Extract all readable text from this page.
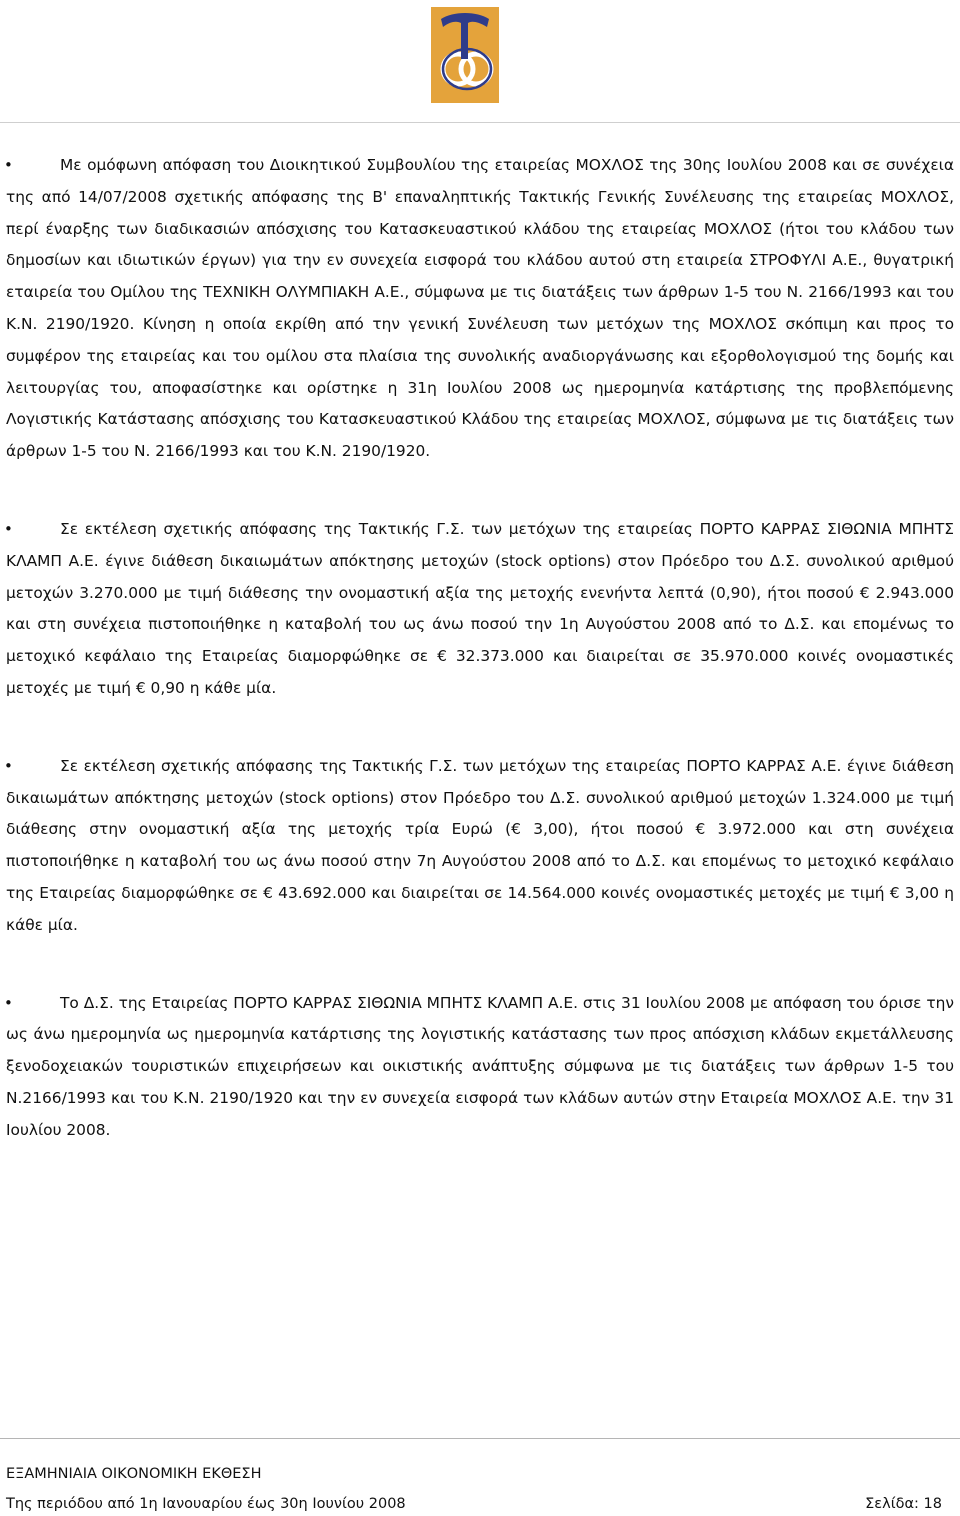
•	Με ομόφωνη απόφαση του Διοικητικού Συμβουλίου της εταιρείας ΜΟΧΛΟΣ της 30ης Ιουλίου 2008 και σε συνέχεια της από 14/07/2008 σχετικής απόφασης της Β' επαναληπτικής Τακτικής Γενικής Συνέλευσης της εταιρείας ΜΟΧΛΟΣ, περί έναρξης των διαδικασιών απόσχισης του Κατασκευαστικού κλάδου της εταιρείας ΜΟΧΛΟΣ (ήτοι του κλάδου των δημοσίων και ιδιωτικών έργων) για την εν συνεχεία εισφορά του κλάδου αυτού στη εταιρεία ΣΤΡΟΦΥΛΙ Α.Ε., θυγατρική εταιρεία του Ομίλου της ΤΕΧΝΙΚΗ ΟΛΥΜΠΙΑΚΗ Α.Ε., σύμφωνα με τις διατάξεις των άρθρων 1-5 του Ν. 2166/1993 και του Κ.Ν. 2190/1920. Κίνηση η οποία εκρίθη από την γενική Συνέλευση των μετόχων της ΜΟΧΛΟΣ σκόπιμη και προς το συμφέρον της εταιρείας και του ομίλου στα πλαίσια της συνολικής αναδιοργάνωσης και εξορθολογισμού της δομής και λειτουργίας του, αποφασίστηκε και ορίστηκε η 31η Ιουλίου 2008 ως ημερομηνία κατάρτισης της προβλεπόμενης Λογιστικής Κατάστασης απόσχισης του Κατασκευαστικού Κλάδου της εταιρείας ΜΟΧΛΟΣ, σύμφωνα με τις διατάξεις των άρθρων 1-5 του Ν. 2166/1993 και του Κ.Ν. 2190/1920.

•	Σε εκτέλεση σχετικής απόφασης της Τακτικής Γ.Σ. των μετόχων της εταιρείας ΠΟΡΤΟ ΚΑΡΡΑΣ ΣΙΘΩΝΙΑ ΜΠΗΤΣ ΚΛΑΜΠ Α.Ε. έγινε διάθεση δικαιωμάτων απόκτησης μετοχών (stock options) στον Πρόεδρο του Δ.Σ. συνολικού αριθμού μετοχών 3.270.000 με τιμή διάθεσης την ονομαστική αξία της μετοχής ενενήντα λεπτά (0,90), ήτοι ποσού € 2.943.000 και στη συνέχεια πιστοποιήθηκε η καταβολή του ως άνω ποσού την 1η Αυγούστου 2008 από το Δ.Σ. και επομένως το μετοχικό κεφάλαιο της Εταιρείας διαμορφώθηκε σε € 32.373.000 και διαιρείται σε 35.970.000 κοινές ονομαστικές μετοχές με τιμή € 0,90 η κάθε μία.

•	Σε εκτέλεση σχετικής απόφασης της Τακτικής Γ.Σ. των μετόχων της εταιρείας ΠΟΡΤΟ ΚΑΡΡΑΣ Α.Ε. έγινε διάθεση δικαιωμάτων απόκτησης μετοχών (stock options) στον Πρόεδρο του Δ.Σ. συνολικού αριθμού μετοχών 1.324.000 με τιμή διάθεσης στην ονομαστική αξία της μετοχής τρία Ευρώ (€ 3,00), ήτοι ποσού € 3.972.000 και στη συνέχεια πιστοποιήθηκε η καταβολή του ως άνω ποσού στην 7η Αυγούστου 2008 από το Δ.Σ. και επομένως το μετοχικό κεφάλαιο της Εταιρείας διαμορφώθηκε σε € 43.692.000 και διαιρείται σε 14.564.000 κοινές ονομαστικές μετοχές με τιμή € 3,00 η κάθε μία.

•	Το Δ.Σ. της Εταιρείας ΠΟΡΤΟ ΚΑΡΡΑΣ ΣΙΘΩΝΙΑ ΜΠΗΤΣ ΚΛΑΜΠ Α.Ε. στις 31 Ιουλίου 2008 με απόφαση του όρισε την ως άνω ημερομηνία ως ημερομηνία κατάρτισης της λογιστικής κατάστασης των προς απόσχιση κλάδων εκμετάλλευσης ξενοδοχειακών τουριστικών επιχειρήσεων και οικιστικής ανάπτυξης σύμφωνα με τις διατάξεις των άρθρων 1-5 του Ν.2166/1993 και του Κ.Ν. 2190/1920 και την εν συνεχεία εισφορά των κλάδων αυτών στην Εταιρεία ΜΟΧΛΟΣ Α.Ε. την 31 Ιουλίου 2008.

ΕΞΑΜΗΝΙΑΙΑ ΟΙΚΟΝΟΜΙΚΗ ΕΚΘΕΣΗ
Της περιόδου από 1η Ιανουαρίου έως 30η Ιουνίου 2008	Σελίδα: 18
